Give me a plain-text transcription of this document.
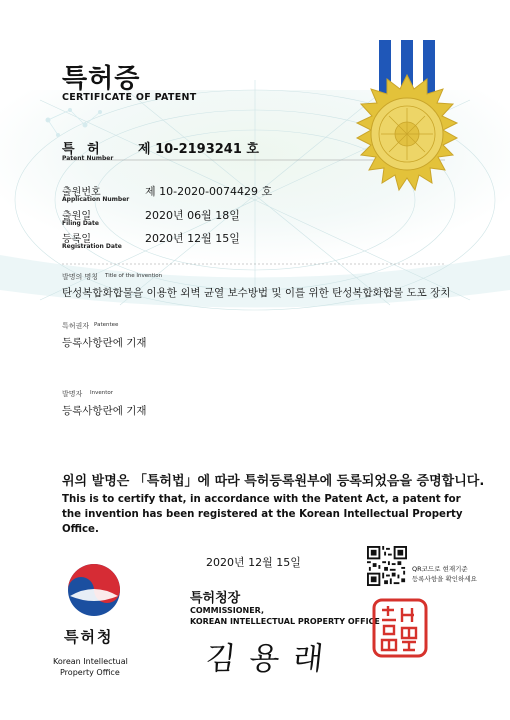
특허증
CERTIFICATE OF PATENT
특 허
Patent Number
제 10-2193241 호
출원번호
Application Number
제 10-2020-0074429 호
출원일
Filing Date
2020년 06월 18일
등록일
Registration Date
2020년 12월 15일
발명의 명칭 Title of the Invention
탄성복합화합물을 이용한 외벽 균열 보수방법 및 이를 위한 탄성복합화합물 도포 장치
특허권자 Patentee
등록사항란에 기재
발명자 Inventor
등록사항란에 기재
위의 발명은 「특허법」에 따라 특허등록원부에 등록되었음을 증명합니다.
This is to certify that, in accordance with the Patent Act, a patent for the invention has been registered at the Korean Intellectual Property Office.
2020년 12월 15일	QR코드로 현재기준
등록사항을 확인하세요
특허청장
COMMISSIONER,
KOREAN INTELLECTUAL PROPERTY OFFICE
김 용 래
특허청
Korean Intellectual
Property Office
